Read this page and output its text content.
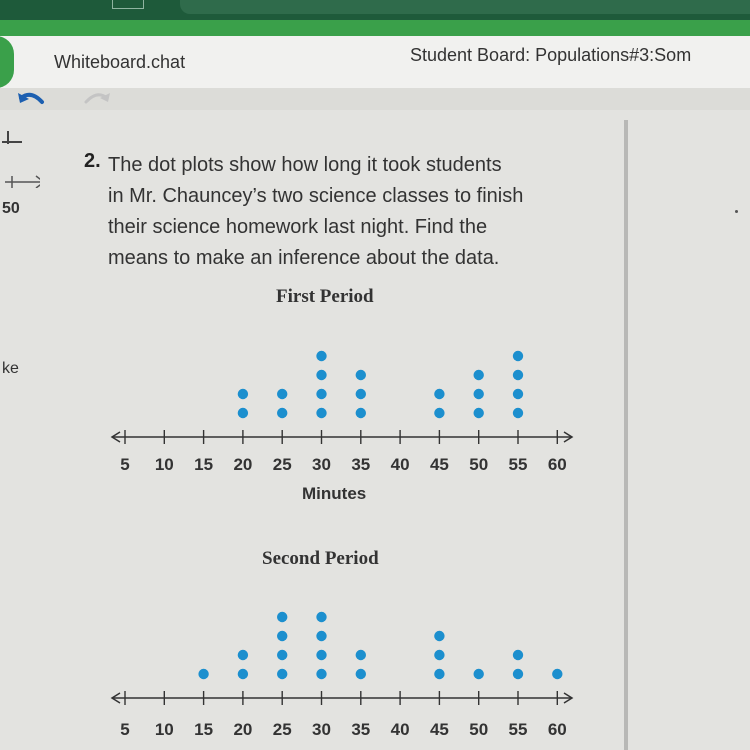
Whiteboard.chat	Student Board: Populations#3:Som
50
ke
2. The dot plots show how long it took students
in Mr. Chauncey’s two science classes to finish
their science homework last night. Find the
means to make an inference about the data.
First Period
Minutes
Second Period
5 10 15 20 25 30 35 40 45 50 55 60
5 10 15 20 25 30 35 40 45 50 55 60
